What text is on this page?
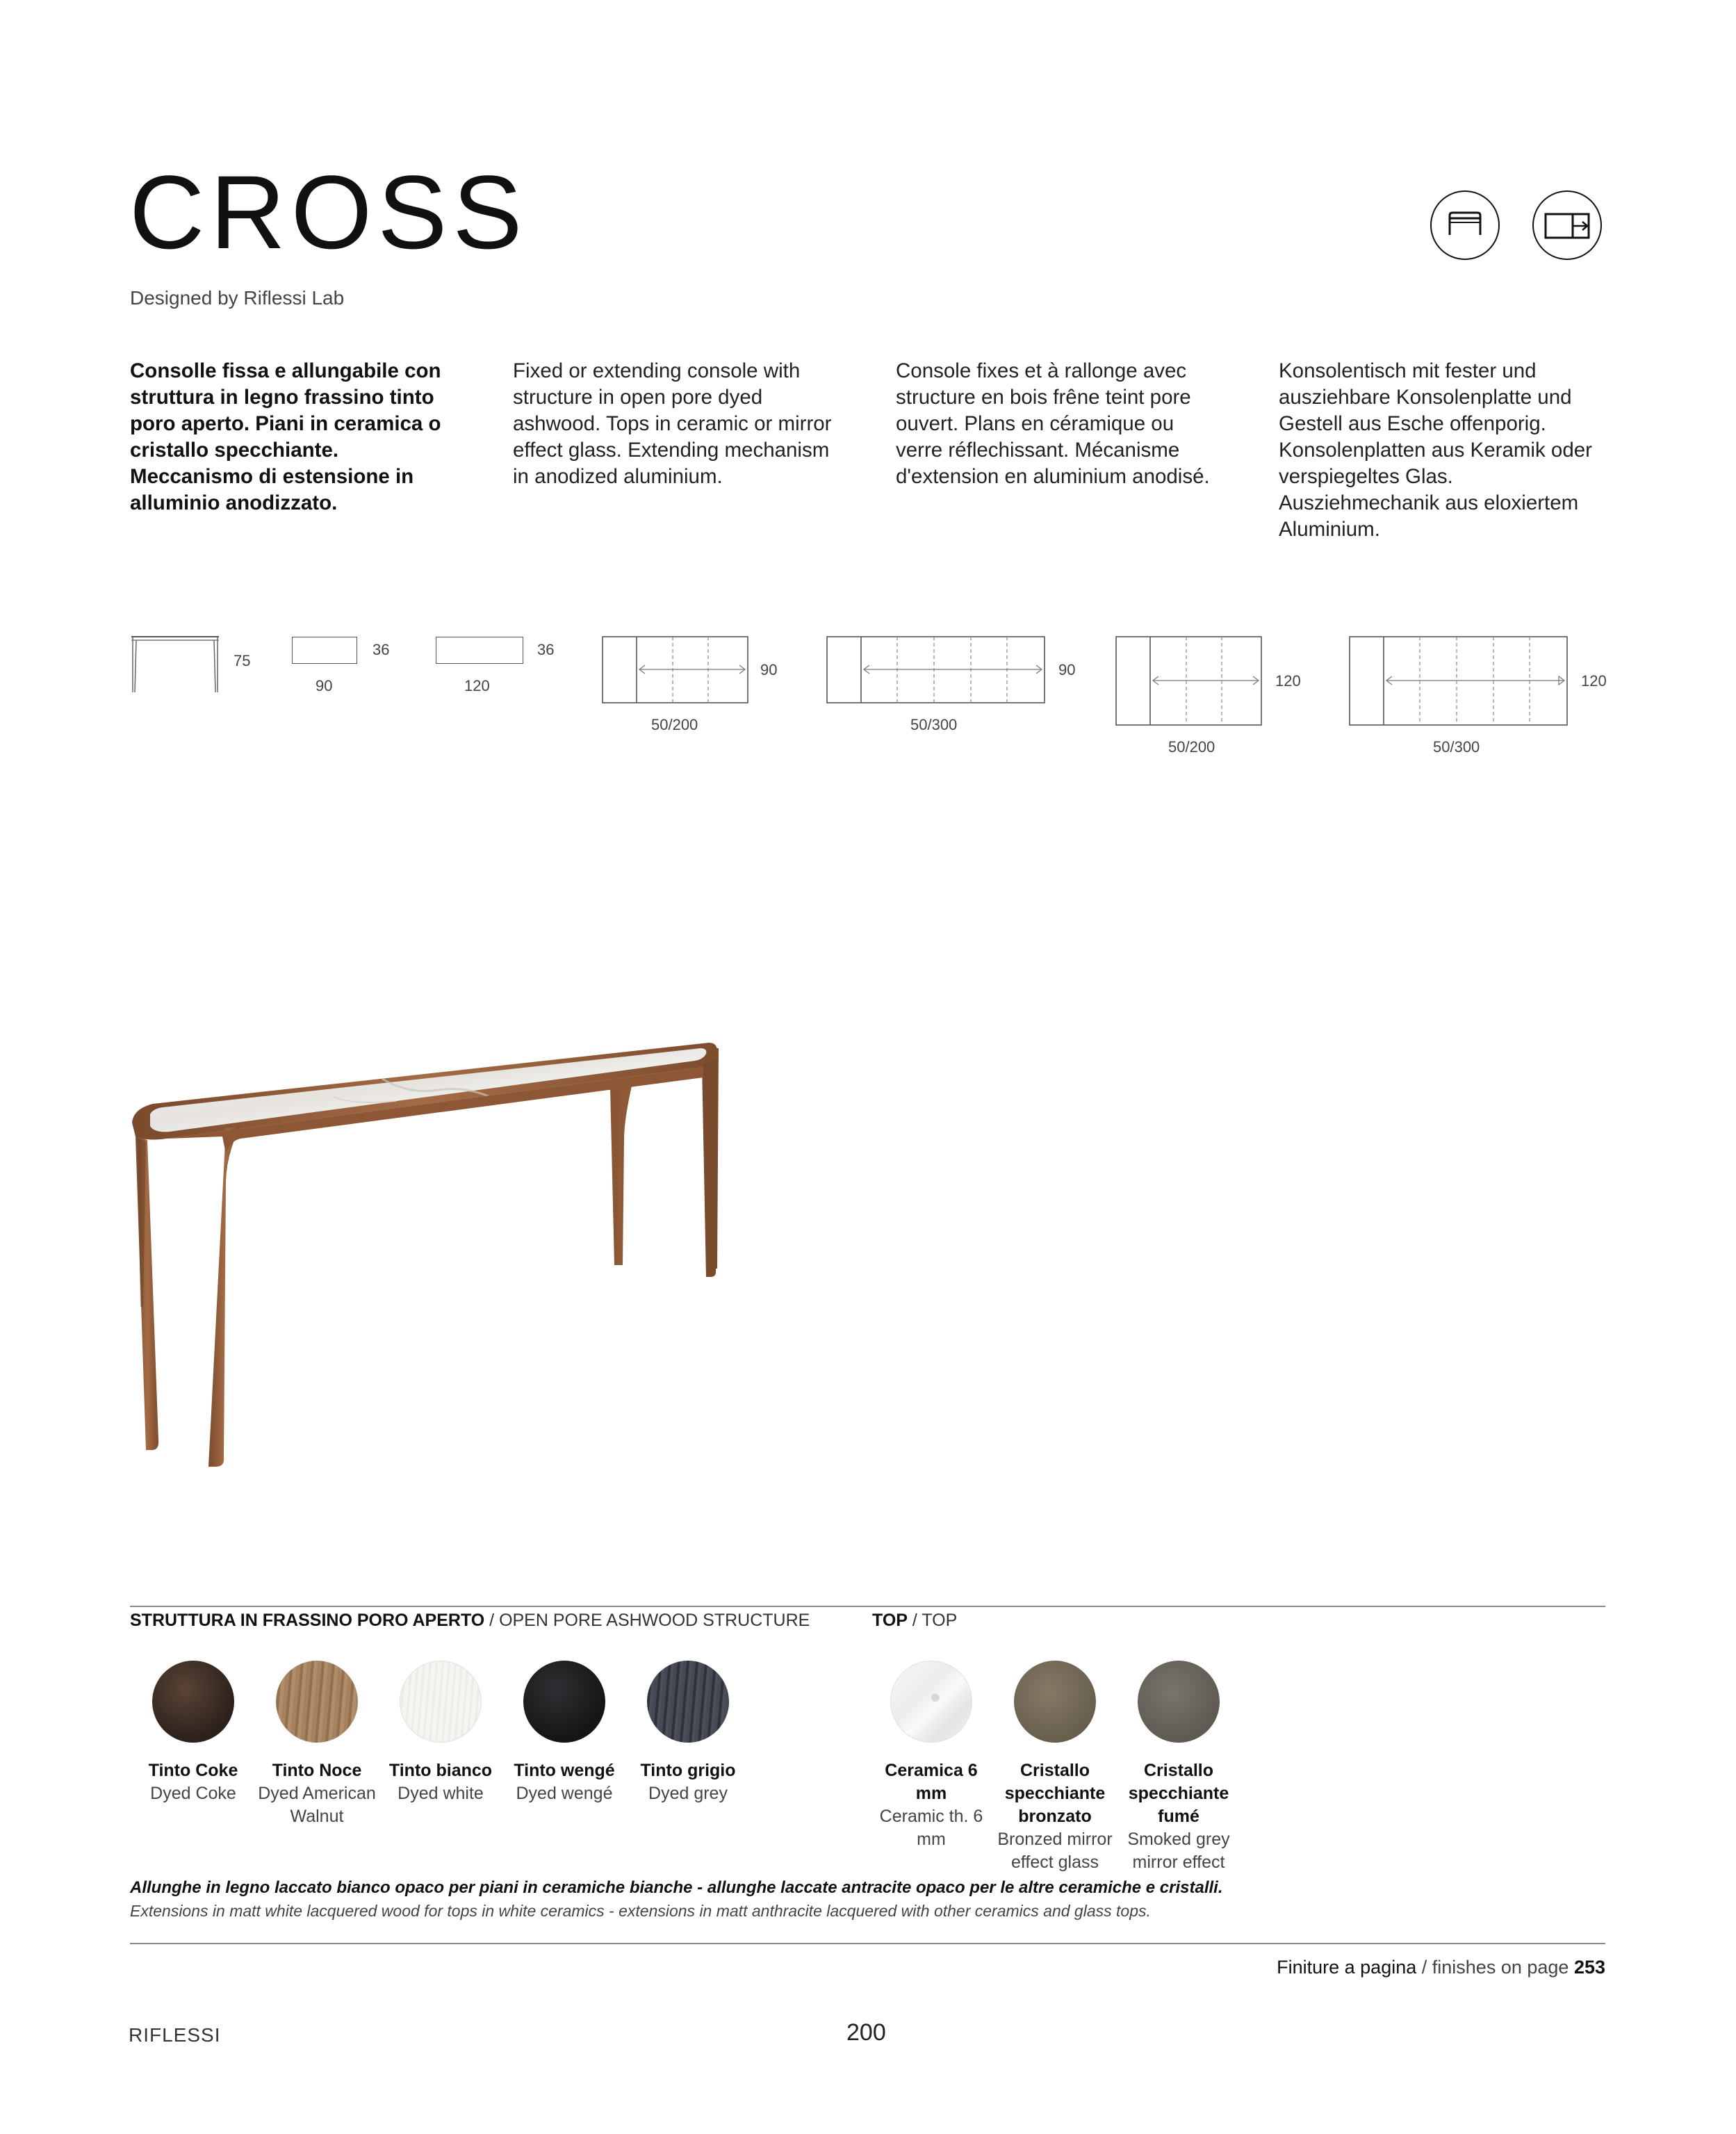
CROSS
Designed by Riflessi Lab
Consolle fissa e allungabile con struttura in legno frassino tinto poro aperto. Piani in ceramica o cristallo specchiante. Meccanismo di estensione in alluminio anodizzato.
Fixed or extending console with structure in open pore dyed ashwood. Tops in ceramic or mirror effect glass. Extending mechanism in anodized aluminium.
Console fixes et à rallonge avec structure en bois frêne teint pore ouvert. Plans en céramique ou verre réflechissant. Mécanisme d'extension en aluminium anodisé.
Konsolentisch mit fester und ausziehbare Konsolenplatte und Gestell aus Esche offenporig. Konsolenplatten aus Keramik oder verspiegeltes Glas. Ausziehmechanik aus eloxiertem Aluminium.
75
36
90
36
120
90
50/200
90
50/300
120
50/200
120
50/300
STRUTTURA IN FRASSINO PORO APERTO / OPEN PORE ASHWOOD STRUCTURE	TOP / TOP
Tinto Coke
Dyed Coke
Tinto Noce
Dyed American Walnut
Tinto bianco
Dyed white
Tinto wengé
Dyed wengé
Tinto grigio
Dyed grey
Ceramica 6 mm
Ceramic th. 6 mm
Cristallo specchiante bronzato
Bronzed mirror effect glass
Cristallo specchiante fumé
Smoked grey mirror effect
Allunghe in legno laccato bianco opaco per piani in ceramiche bianche - allunghe laccate antracite opaco per le altre ceramiche e cristalli.
Extensions in matt white lacquered wood for tops in white ceramics - extensions in matt anthracite lacquered with other ceramics and glass tops.
Finiture a pagina / finishes on page 253
RIFLESSI	200
